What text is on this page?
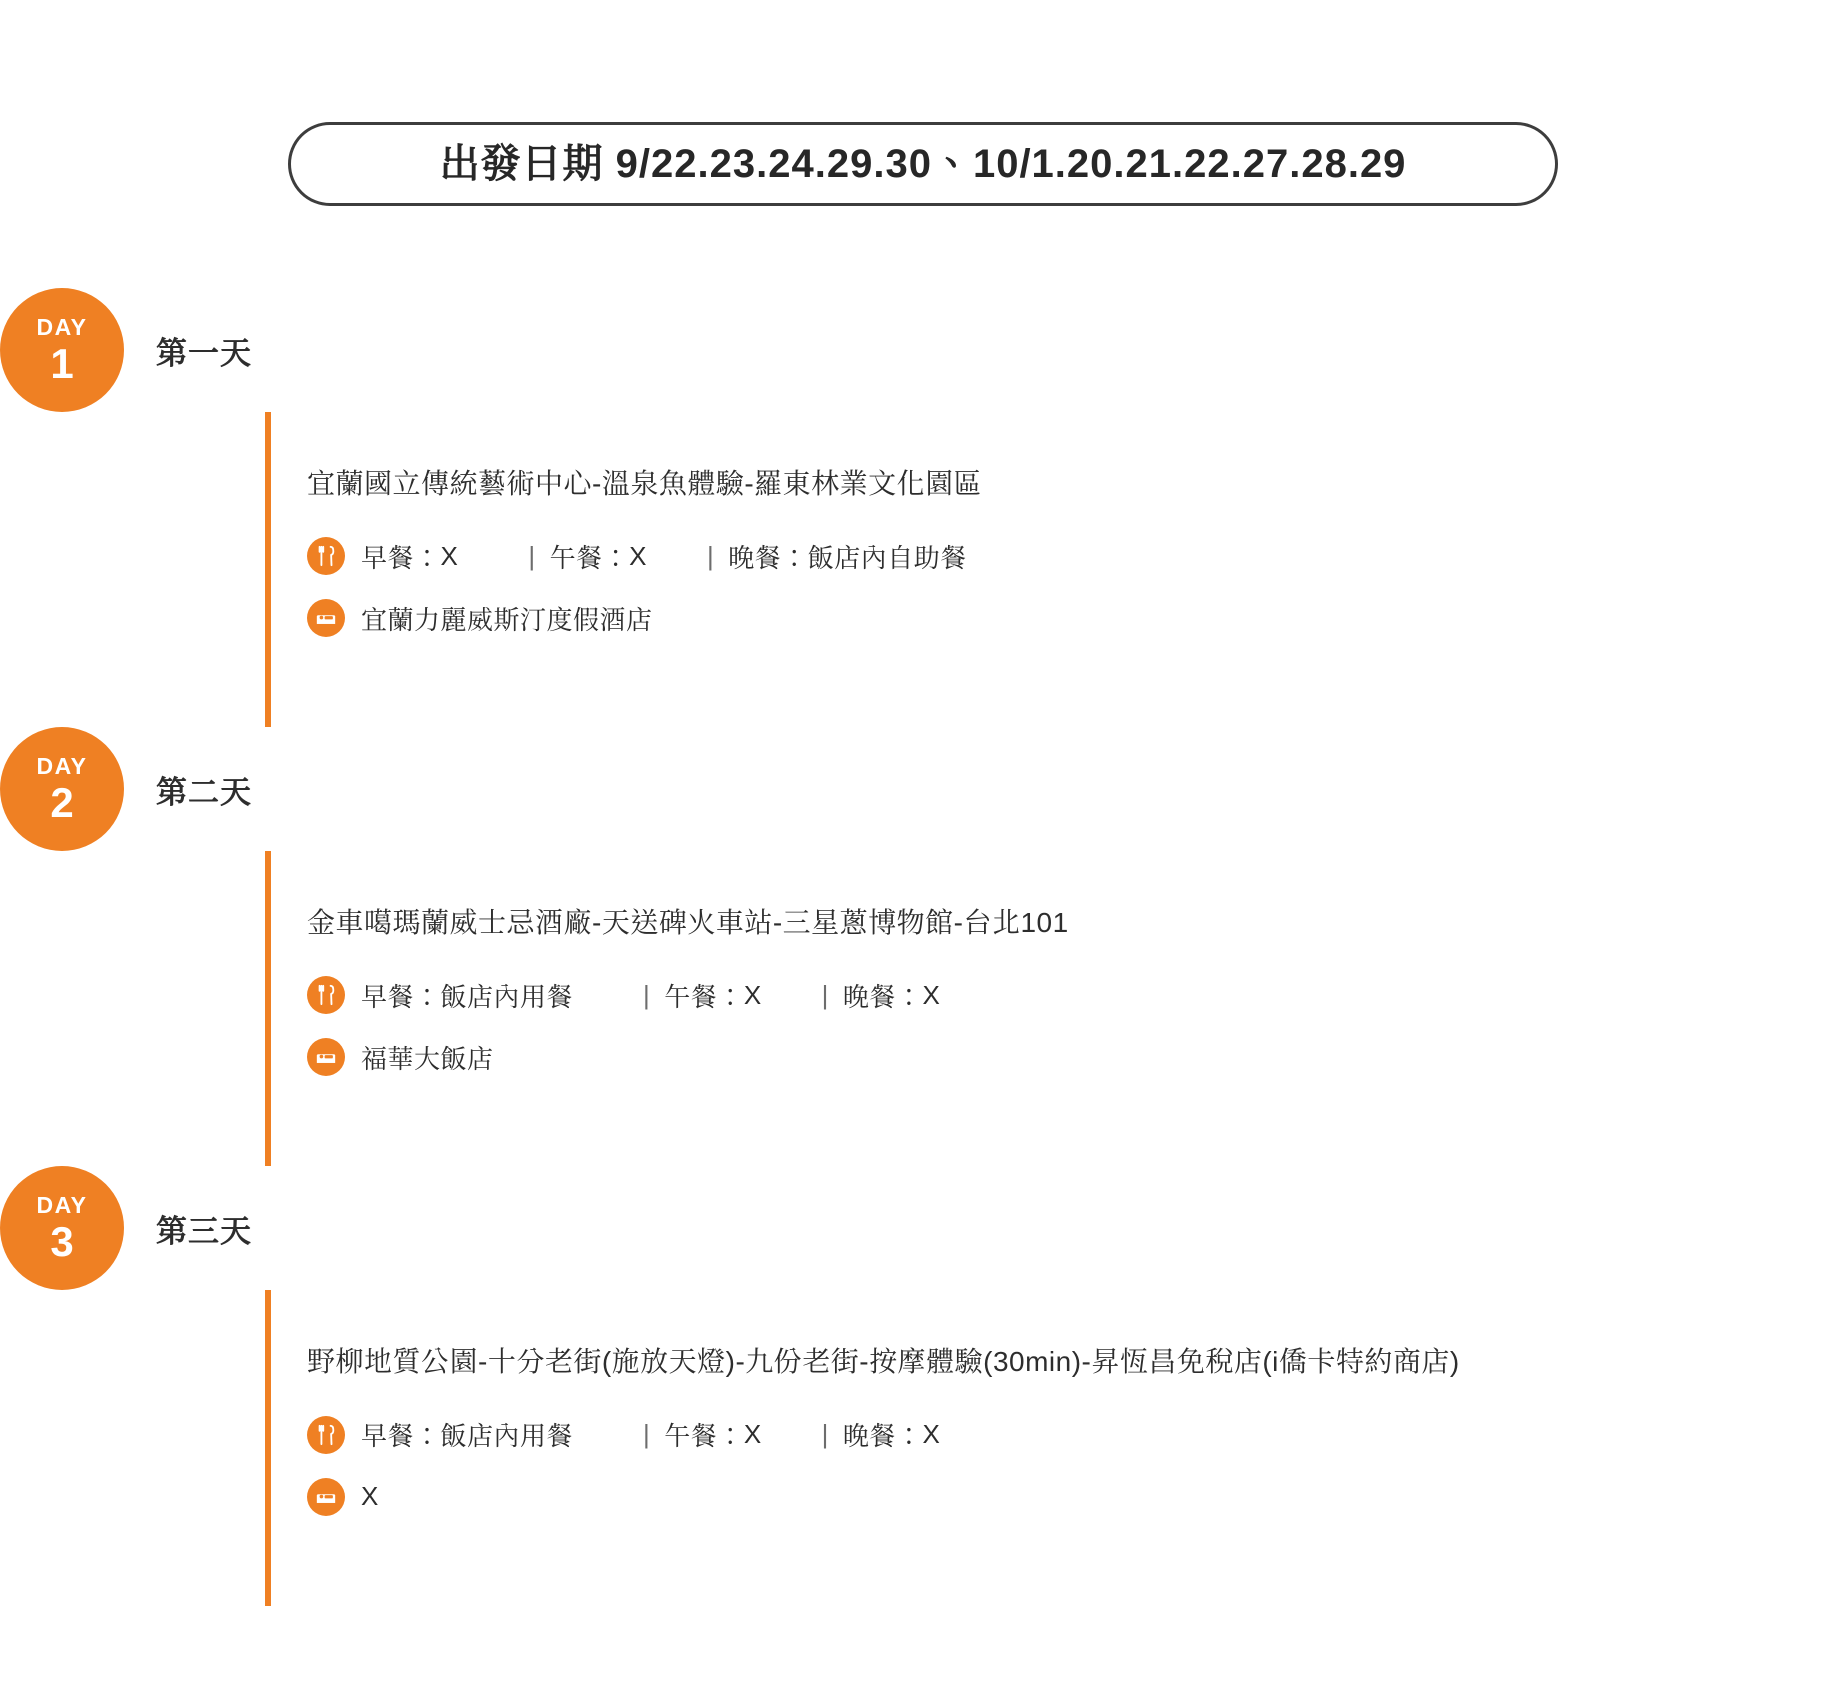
出發日期 9/22.23.24.29.30、10/1.20.21.22.27.28.29
DAY
1	第一天
宜蘭國立傳統藝術中心-溫泉魚體驗-羅東林業文化園區
早餐： X	| 午餐： X | 晚餐： 飯店內自助餐
宜蘭力麗威斯汀度假酒店
DAY
2	第二天
金車噶瑪蘭威士忌酒廠-天送碑火車站-三星蔥博物館-台北101
早餐： 飯店內用餐	| 午餐： X | 晚餐： X
福華大飯店
DAY
3	第三天
野柳地質公園-十分老街(施放天燈)-九份老街-按摩體驗(30min)-昇恆昌免稅店(i僑卡特約商店)
早餐： 飯店內用餐	| 午餐： X | 晚餐： X
X
